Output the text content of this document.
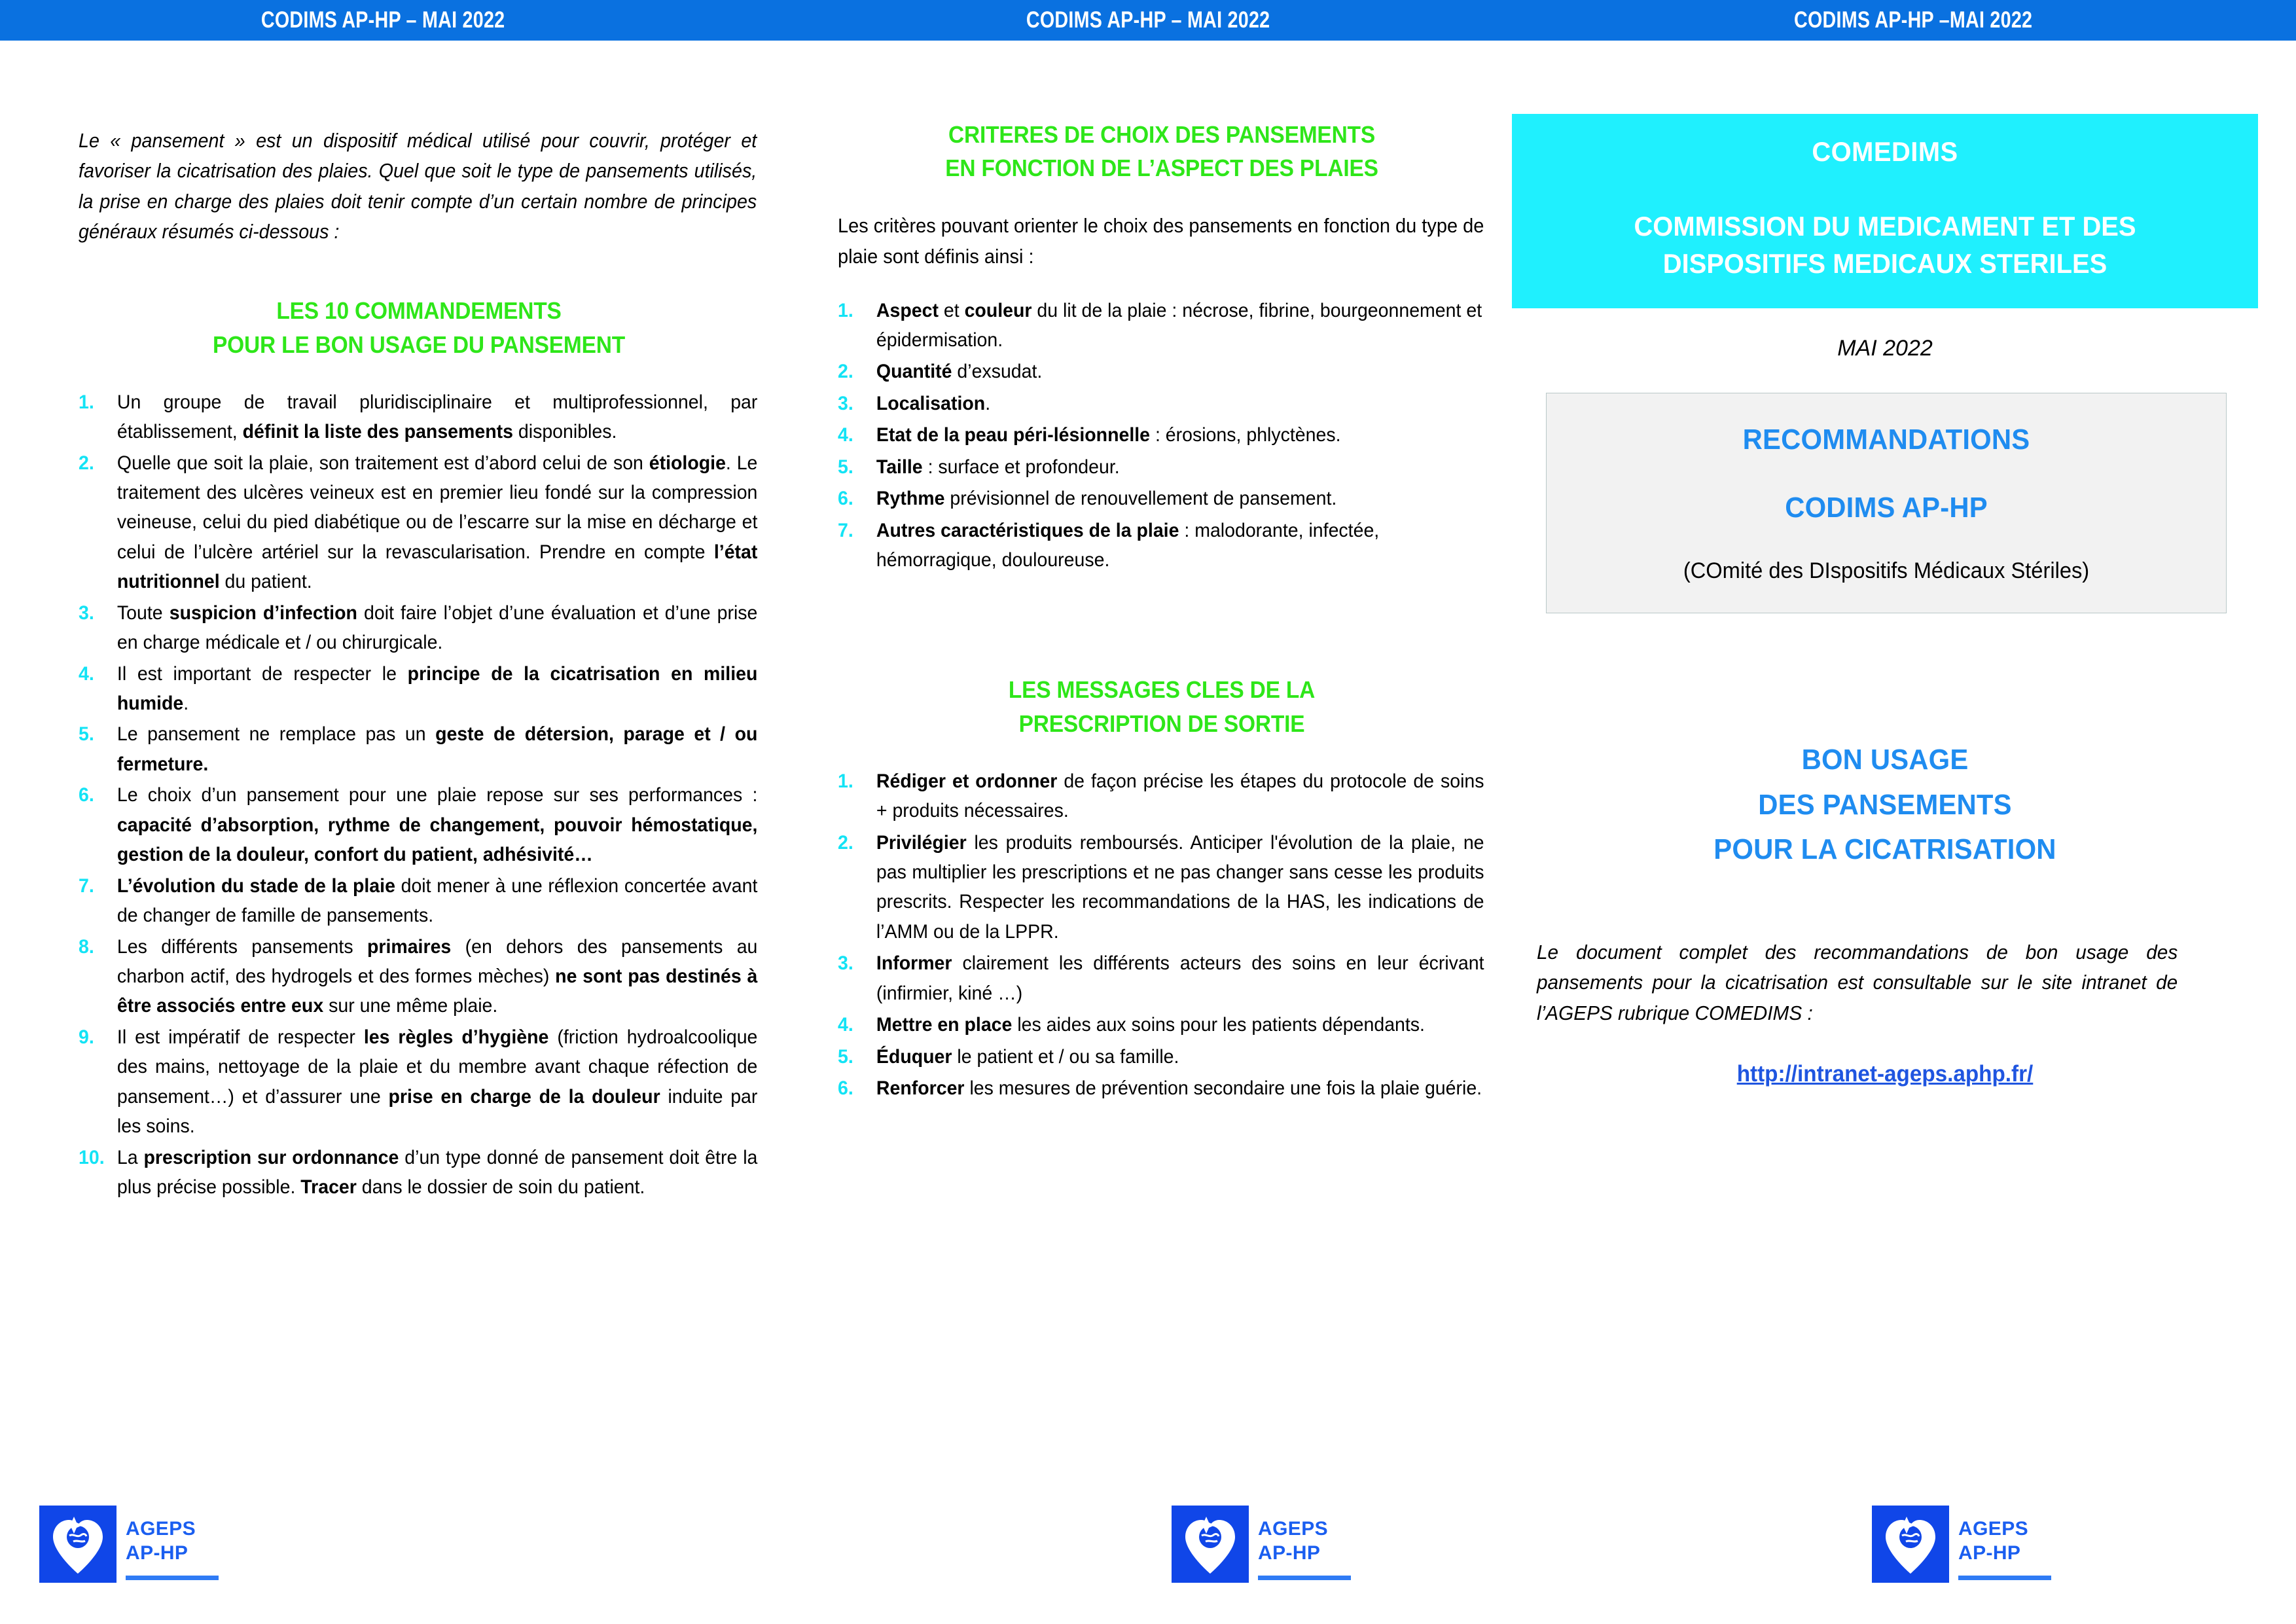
CODIMS AP-HP – MAI 2022	CODIMS AP-HP – MAI 2022	CODIMS AP-HP –MAI 2022
Le « pansement » est un dispositif médical utilisé pour couvrir, protéger et favoriser la cicatrisation des plaies. Quel que soit le type de pansements utilisés, la prise en charge des plaies doit tenir compte d’un certain nombre de principes généraux résumés ci-dessous :
LES 10 COMMANDEMENTS
POUR LE BON USAGE DU PANSEMENT
1.	Un groupe de travail pluridisciplinaire et multiprofessionnel, par établissement, définit la liste des pansements disponibles.
2.	Quelle que soit la plaie, son traitement est d’abord celui de son étiologie. Le traitement des ulcères veineux est en premier lieu fondé sur la compression veineuse, celui du pied diabétique ou de l’escarre sur la mise en décharge et celui de l’ulcère artériel sur la revascularisation. Prendre en compte l’état nutritionnel du patient.
3.	Toute suspicion d’infection doit faire l’objet d’une évaluation et d’une prise en charge médicale et / ou chirurgicale.
4.	Il est important de respecter le principe de la cicatrisation en milieu humide.
5.	Le pansement ne remplace pas un geste de détersion, parage et / ou fermeture.
6.	Le choix d’un pansement pour une plaie repose sur ses performances : capacité d’absorption, rythme de changement, pouvoir hémostatique, gestion de la douleur, confort du patient, adhésivité…
7.	L’évolution du stade de la plaie doit mener à une réflexion concertée avant de changer de famille de pansements.
8.	Les différents pansements primaires (en dehors des pansements au charbon actif, des hydrogels et des formes mèches) ne sont pas destinés à être associés entre eux sur une même plaie.
9.	Il est impératif de respecter les règles d’hygiène (friction hydroalcoolique des mains, nettoyage de la plaie et du membre avant chaque réfection de pansement…) et d’assurer une prise en charge de la douleur induite par les soins.
10. La prescription sur ordonnance d’un type donné de pansement doit être la plus précise possible. Tracer dans le dossier de soin du patient.
CRITERES DE CHOIX DES PANSEMENTS
EN FONCTION DE L’ASPECT DES PLAIES
Les critères pouvant orienter le choix des pansements en fonction du type de plaie sont définis ainsi :
1.	Aspect et couleur du lit de la plaie : nécrose, fibrine, bourgeonnement et épidermisation.
2.	Quantité d’exsudat.
3.	Localisation.
4.	Etat de la peau péri-lésionnelle : érosions, phlyctènes.
5.	Taille : surface et profondeur.
6.	Rythme prévisionnel de renouvellement de pansement.
7.	Autres caractéristiques de la plaie : malodorante, infectée, hémorragique, douloureuse.
LES MESSAGES CLES DE LA
PRESCRIPTION DE SORTIE
1.	Rédiger et ordonner de façon précise les étapes du protocole de soins + produits nécessaires.
2.	Privilégier les produits remboursés. Anticiper l'évolution de la plaie, ne pas multiplier les prescriptions et ne pas changer sans cesse les produits prescrits. Respecter les recommandations de la HAS, les indications de l’AMM ou de la LPPR.
3.	Informer clairement les différents acteurs des soins en leur écrivant (infirmier, kiné …)
4.	Mettre en place les aides aux soins pour les patients dépendants.
5.	Éduquer le patient et / ou sa famille.
6.	Renforcer les mesures de prévention secondaire une fois la plaie guérie.
COMEDIMS
COMMISSION DU MEDICAMENT ET DES
DISPOSITIFS MEDICAUX STERILES
MAI 2022
RECOMMANDATIONS
CODIMS AP-HP
(COmité des DIspositifs Médicaux Stériles)
BON USAGE
DES PANSEMENTS
POUR LA CICATRISATION
Le document complet des recommandations de bon usage des pansements pour la cicatrisation est consultable sur le site intranet de l’AGEPS rubrique COMEDIMS :
http://intranet-ageps.aphp.fr/
AGEPS
AP-HP
AGEPS
AP-HP
AGEPS
AP-HP
